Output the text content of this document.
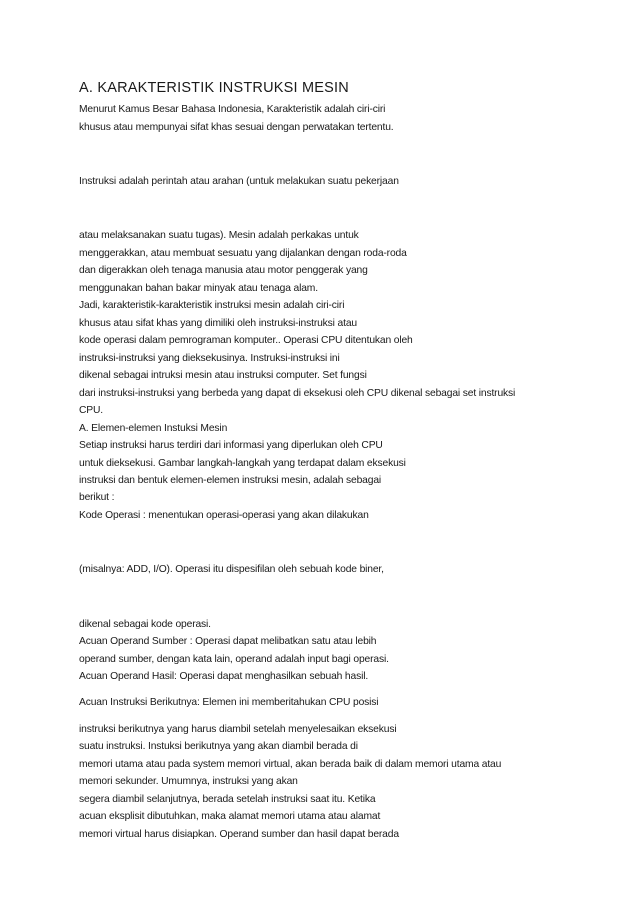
A. KARAKTERISTIK INSTRUKSI MESIN

Menurut Kamus Besar Bahasa Indonesia, Karakteristik adalah ciri-ciri

khusus atau mempunyai sifat khas sesuai dengan perwatakan tertentu.

Instruksi adalah perintah atau arahan (untuk melakukan suatu pekerjaan

atau melaksanakan suatu tugas). Mesin adalah perkakas untuk

menggerakkan, atau membuat sesuatu yang dijalankan dengan roda-roda

dan digerakkan oleh tenaga manusia atau motor penggerak yang

menggunakan bahan bakar minyak atau tenaga alam.

Jadi, karakteristik-karakteristik instruksi mesin adalah ciri-ciri

khusus atau sifat khas yang dimiliki oleh instruksi-instruksi atau

kode operasi dalam pemrograman komputer.. Operasi CPU ditentukan oleh

instruksi-instruksi yang dieksekusinya. Instruksi-instruksi ini

dikenal sebagai intruksi mesin atau instruksi computer. Set fungsi

dari instruksi-instruksi yang berbeda yang dapat di eksekusi oleh CPU dikenal sebagai set instruksi

CPU.

A. Elemen-elemen Instuksi Mesin

Setiap instruksi harus terdiri dari informasi yang diperlukan oleh CPU

untuk dieksekusi. Gambar langkah-langkah yang terdapat dalam eksekusi

instruksi dan bentuk elemen-elemen instruksi mesin, adalah sebagai

berikut :

Kode Operasi : menentukan operasi-operasi yang akan dilakukan

(misalnya: ADD, I/O). Operasi itu dispesifilan oleh sebuah kode biner,

dikenal sebagai kode operasi.

Acuan Operand Sumber : Operasi dapat melibatkan satu atau lebih

operand sumber, dengan kata lain, operand adalah input bagi operasi.

Acuan Operand Hasil: Operasi dapat menghasilkan sebuah hasil.

Acuan Instruksi Berikutnya: Elemen ini memberitahukan CPU posisi

instruksi berikutnya yang harus diambil setelah menyelesaikan eksekusi

suatu instruksi. Instuksi berikutnya yang akan diambil berada di

memori utama atau pada system memori virtual, akan berada baik di dalam memori utama atau

memori sekunder. Umumnya, instruksi yang akan

segera diambil selanjutnya, berada setelah instruksi saat itu. Ketika

acuan eksplisit dibutuhkan, maka alamat memori utama atau alamat

memori virtual harus disiapkan. Operand sumber dan hasil dapat berada
